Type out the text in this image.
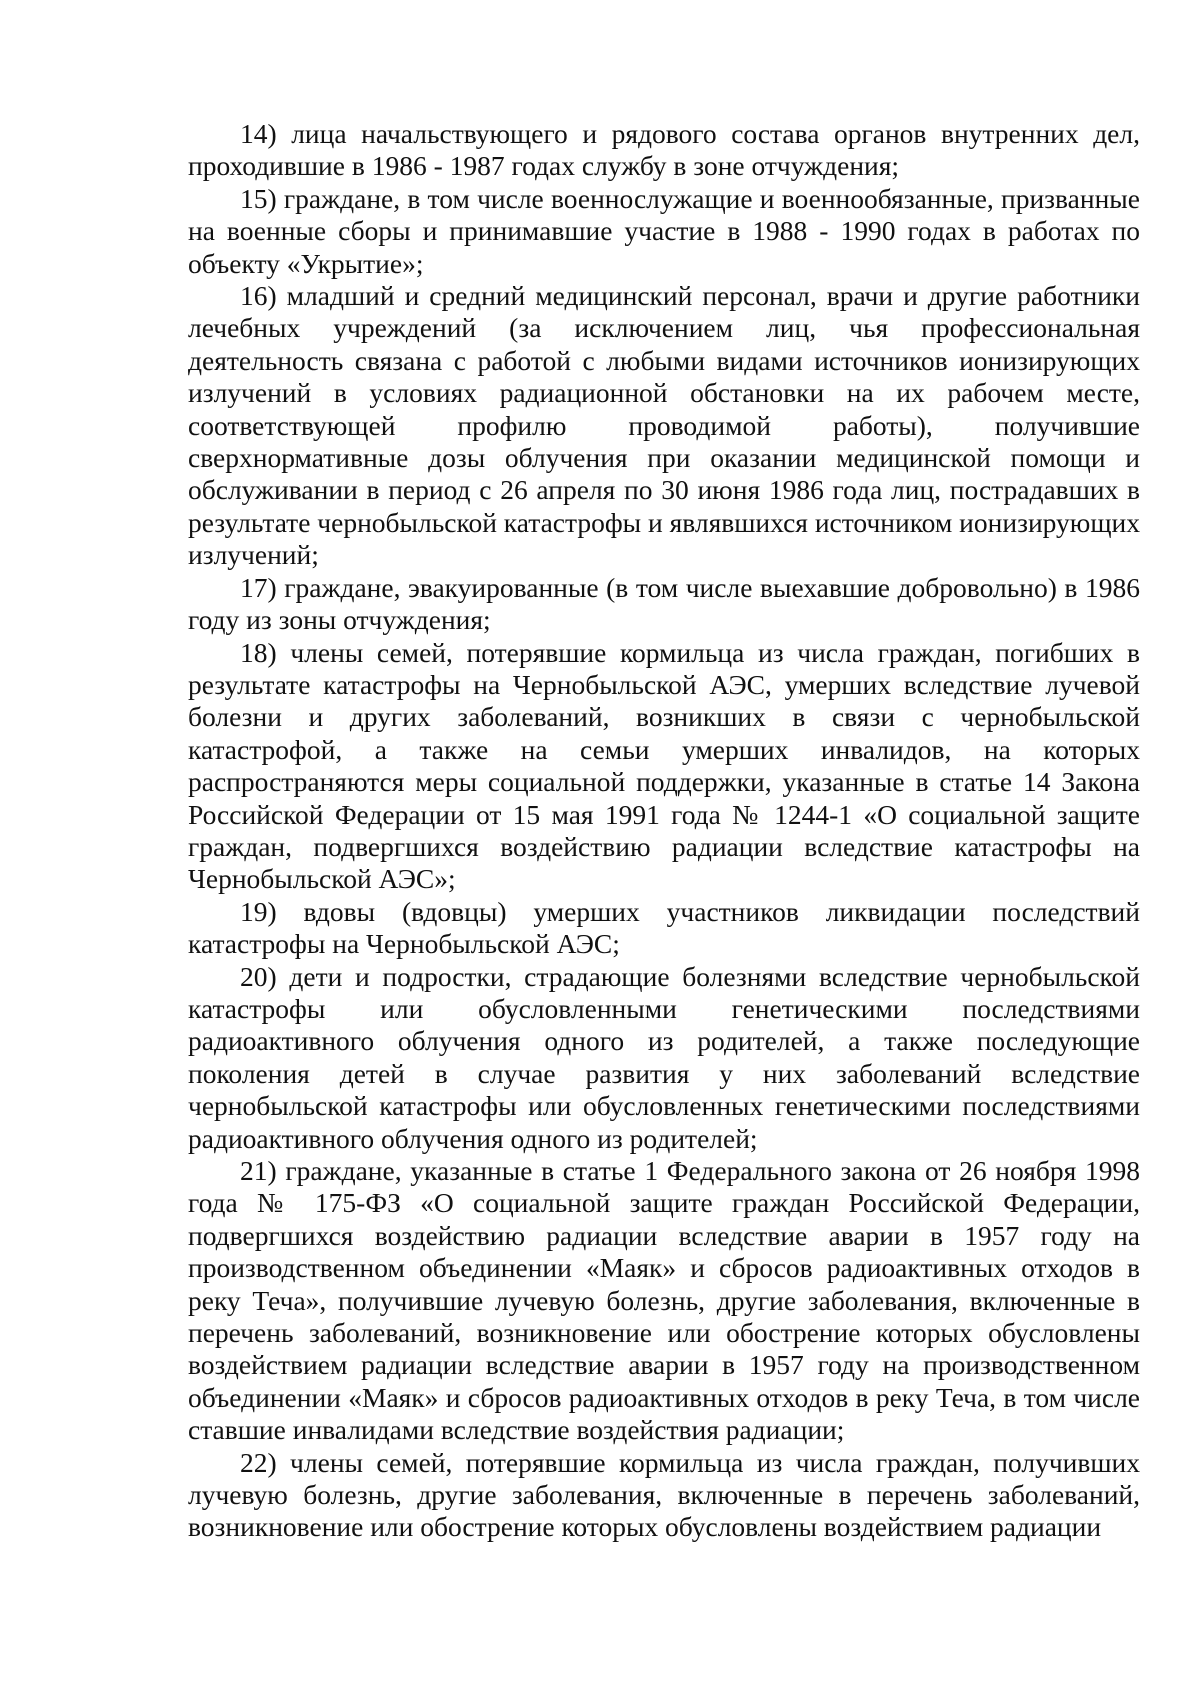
14) лица начальствующего и рядового состава органов внутренних дел, проходившие в 1986 - 1987 годах службу в зоне отчуждения;

15) граждане, в том числе военнослужащие и военнообязанные, призванные на военные сборы и принимавшие участие в 1988 - 1990 годах в работах по объекту «Укрытие»;

16) младший и средний медицинский персонал, врачи и другие работники лечебных учреждений (за исключением лиц, чья профессиональная деятельность связана с работой с любыми видами источников ионизирующих излучений в условиях радиационной обстановки на их рабочем месте, соответствующей профилю проводимой работы), получившие сверхнормативные дозы облучения при оказании медицинской помощи и обслуживании в период с 26 апреля по 30 июня 1986 года лиц, пострадавших в результате чернобыльской катастрофы и являвшихся источником ионизирующих излучений;

17) граждане, эвакуированные (в том числе выехавшие добровольно) в 1986 году из зоны отчуждения;

18) члены семей, потерявшие кормильца из числа граждан, погибших в результате катастрофы на Чернобыльской АЭС, умерших вследствие лучевой болезни и других заболеваний, возникших в связи с чернобыльской катастрофой, а также на семьи умерших инвалидов, на которых распространяются меры социальной поддержки, указанные в статье 14 Закона Российской Федерации от 15 мая 1991 года № 1244-1 «О социальной защите граждан, подвергшихся воздействию радиации вследствие катастрофы на Чернобыльской АЭС»;

19) вдовы (вдовцы) умерших участников ликвидации последствий катастрофы на Чернобыльской АЭС;

20) дети и подростки, страдающие болезнями вследствие чернобыльской катастрофы или обусловленными генетическими последствиями радиоактивного облучения одного из родителей, а также последующие поколения детей в случае развития у них заболеваний вследствие чернобыльской катастрофы или обусловленных генетическими последствиями радиоактивного облучения одного из родителей;

21) граждане, указанные в статье 1 Федерального закона от 26 ноября 1998 года № 175-ФЗ «О социальной защите граждан Российской Федерации, подвергшихся воздействию радиации вследствие аварии в 1957 году на производственном объединении «Маяк» и сбросов радиоактивных отходов в реку Теча», получившие лучевую болезнь, другие заболевания, включенные в перечень заболеваний, возникновение или обострение которых обусловлены воздействием радиации вследствие аварии в 1957 году на производственном объединении «Маяк» и сбросов радиоактивных отходов в реку Теча, в том числе ставшие инвалидами вследствие воздействия радиации;

22) члены семей, потерявшие кормильца из числа граждан, получивших лучевую болезнь, другие заболевания, включенные в перечень заболеваний, возникновение или обострение которых обусловлены воздействием радиации
